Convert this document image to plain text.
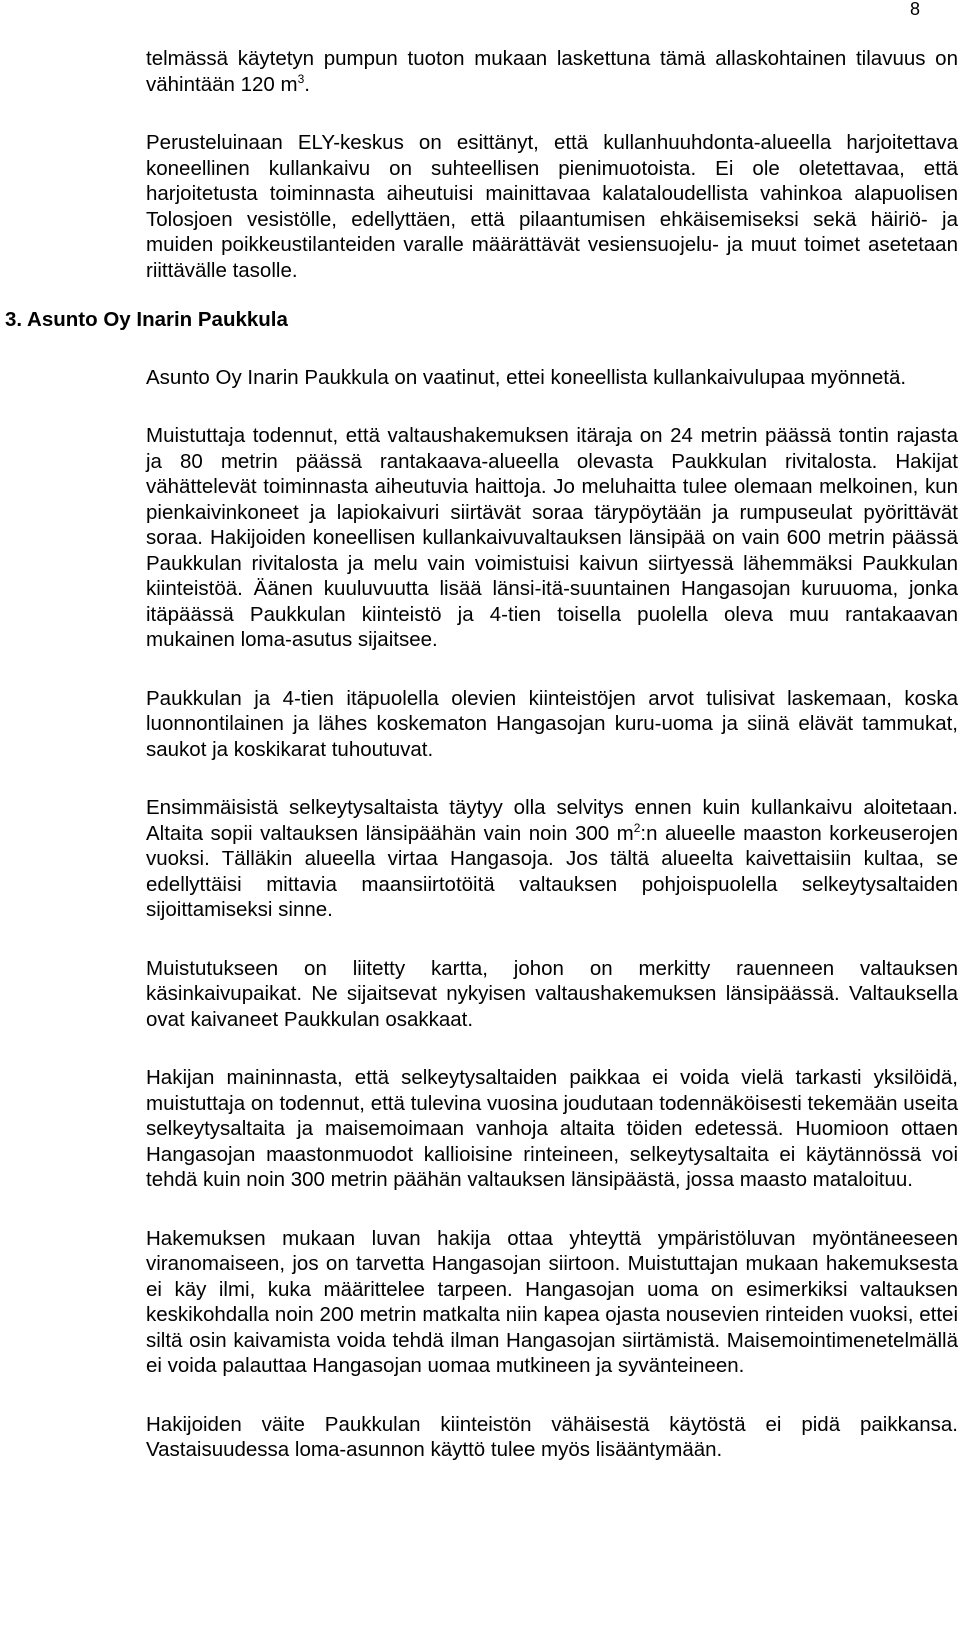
8

telmässä käytetyn pumpun tuoton mukaan laskettuna tämä allaskohtainen tilavuus on vähintään 120 $m^3$.

Perusteluinaan ELY-keskus on esittänyt, että kullanhuuhdonta-alueella harjoitettava koneellinen kullankaivu on suhteellisen pienimuotoista. Ei ole oletettavaa, että harjoitetusta toiminnasta aiheutuisi mainittavaa kalataloudellista vahinkoa alapuolisen Tolosjoen vesistölle, edellyttäen, että pilaantumisen ehkäisemiseksi sekä häiriö- ja muiden poikkeustilanteiden varalle määrättävät vesiensuojelu- ja muut toimet asetetaan riittävälle tasolle.

3. Asunto Oy Inarin Paukkula

Asunto Oy Inarin Paukkula on vaatinut, ettei koneellista kullankaivulupaa myönnetä.

Muistuttaja todennut, että valtaushakemuksen itäraja on 24 metrin päässä tontin rajasta ja 80 metrin päässä rantakaava-alueella olevasta Paukkulan rivitalosta. Hakijat vähättelevät toiminnasta aiheutuvia haittoja. Jo meluhaitta tulee olemaan melkoinen, kun pienkaivinkoneet ja lapiokaivuri siirtävät soraa täryp​öytään ja rumpuseulat pyörittävät soraa. Hakijoiden koneellisen kullankaivuvaltauksen länsipää on vain 600 metrin päässä Paukkulan rivitalosta ja melu vain voimistuisi kaivun siirtyessä lähemmäksi Paukkulan kiinteistöä. Äänen kuuluvuutta lisää länsi-itä-suuntainen Hangasojan kuruuoma, jonka itäpäässä Paukkulan kiinteistö ja 4-tien toisella puolella oleva muu rantakaavan mukainen loma-asutus sijaitsee.

Paukkulan ja 4-tien itäpuolella olevien kiinteistöjen arvot tulisivat laskemaan, koska luonnontilainen ja lähes koskematon Hangasojan kuru-uoma ja siinä elävät tammukat, saukot ja koskikarat tuhoutuvat.

Ensimmäisistä selkeytysaltaista täytyy olla selvitys ennen kuin kullankaivu aloitetaan. Altaita sopii valtauksen länsipäähän vain noin 300 $m^2:n$ alueelle maaston korkeuserojen vuoksi. Tälläkin alueella virtaa Hangasoja. Jos tältä alueelta kaivettaisiin kultaa, se edellyttäisi mittavia maansiirtotöitä valtauksen pohjoispuolella selkeytysaltaiden sijoittamiseksi sinne.

Muistutukseen on liitetty kartta, johon on merkitty rauenneen valtauksen käsinkaivupaikat. Ne sijaitsevat nykyisen valtaushakemuksen länsipäässä. Valtauksella ovat kaivaneet Paukkulan osakkaat.

Hakijan maininnasta, että selkeytysaltaiden paikkaa ei voida vielä tarkasti yksilöidä, muistuttaja on todennut, että tulevina vuosina joudutaan todennäköisesti tekemään useita selkeytysaltaita ja maisemoimaan vanhoja altaita töiden edetessä. Huomioon ottaen Hangasojan maastonmuodot kallioisine rinteineen, selkeytysaltaita ei käytännössä voi tehdä kuin noin 300 metrin päähän valtauksen länsipäästä, jossa maasto mataloituu.

Hakemuksen mukaan luvan hakija ottaa yhteyttä ympäristöluvan myöntäneeseen viranomaiseen, jos on tarvetta Hangasojan siirtoon. Muistuttajan mukaan hakemuksesta ei käy ilmi, kuka määrittelee tarpeen. Hangasojan uoma on esimerkiksi valtauksen keskikohdalla noin 200 metrin matkalta niin kapea ojasta nousevien rinteiden vuoksi, ettei siltä osin kaivamista voida tehdä ilman Hangasojan siirtämistä. Maisemointimenetelmällä ei voida palauttaa Hangasojan uomaa mutkineen ja syvänteineen.

Hakijoiden väite Paukkulan kiinteistön vähäisestä käytöstä ei pidä paikkansa. Vastaisuudessa loma-asunnon käyttö tulee myös lisääntymään.
